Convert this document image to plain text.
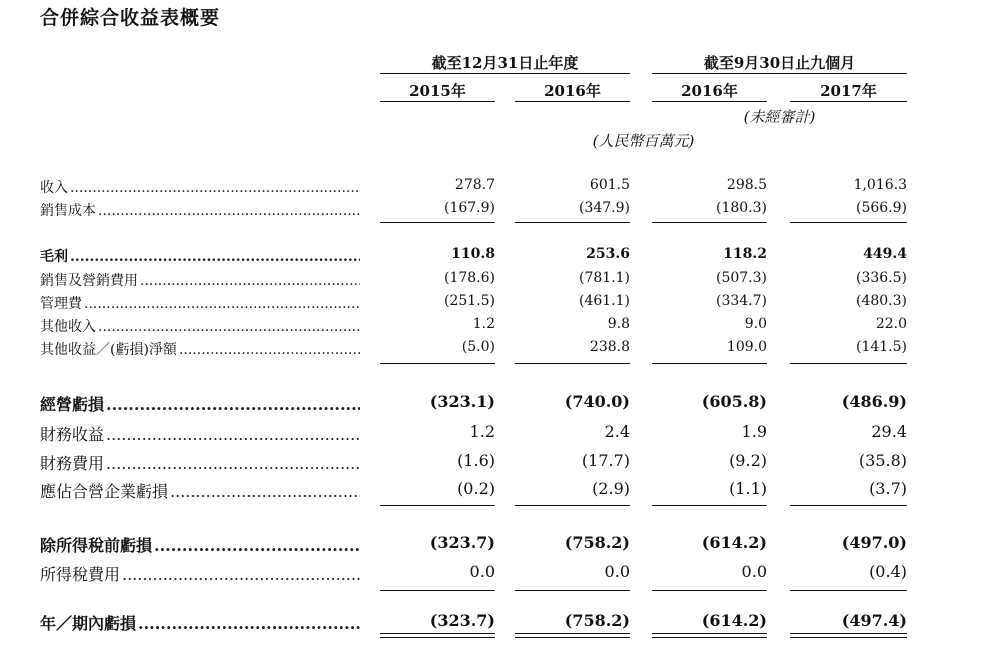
合併綜合收益表概要
截至12月31日止年度	截至9月30日止九個月
2015年	2016年	2016年	2017年
(未經審計)
(人民幣百萬元)
收入 .....	278.7	601.5	298.5	1,016.3
銷售成本 .....	(167.9)	(347.9)	(180.3)	(566.9)
毛利 .....	110.8	253.6	118.2	449.4
銷售及營銷費用 .....	(178.6)	(781.1)	(507.3)	(336.5)
管理費 .....	(251.5)	(461.1)	(334.7)	(480.3)
其他收入 .....	1.2	9.8	9.0	22.0
其他收益／(虧損)淨額 .....	(5.0)	238.8	109.0	(141.5)
經營虧損 .....	(323.1)	(740.0)	(605.8)	(486.9)
財務收益 .....	1.2	2.4	1.9	29.4
財務費用 .....	(1.6)	(17.7)	(9.2)	(35.8)
應佔合營企業虧損 .....	(0.2)	(2.9)	(1.1)	(3.7)
除所得稅前虧損 .....	(323.7)	(758.2)	(614.2)	(497.0)
所得稅費用 .....	0.0	0.0	0.0	(0.4)
年／期內虧損 .....	(323.7)	(758.2)	(614.2)	(497.4)
